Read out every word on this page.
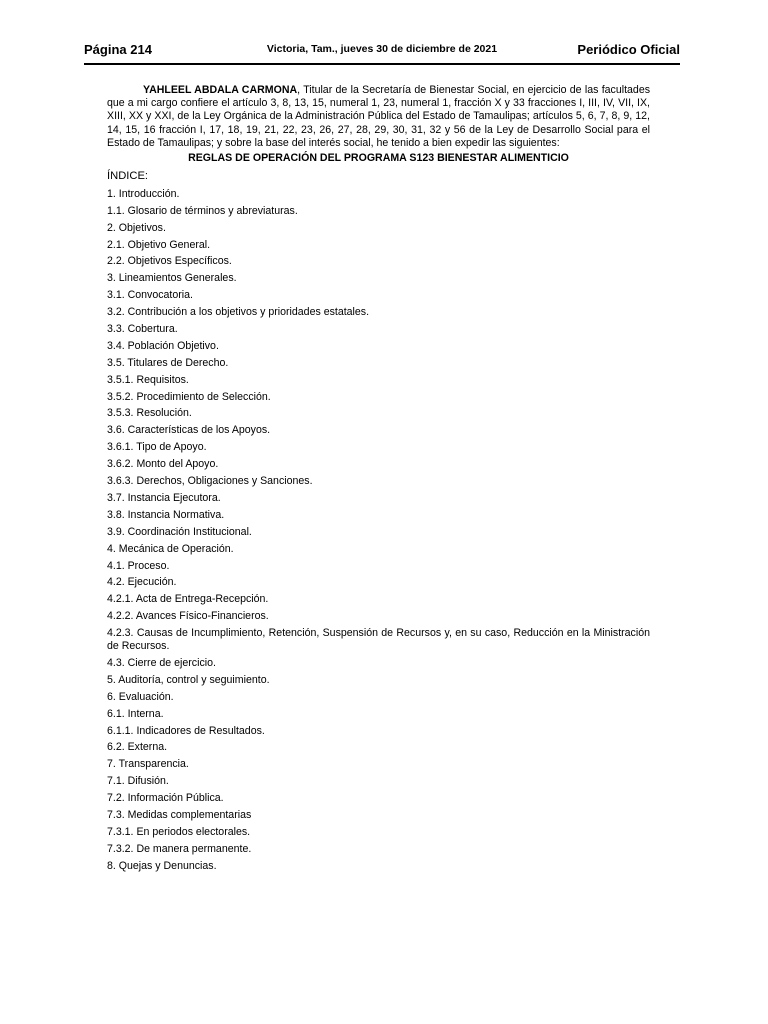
Página 214	Victoria, Tam., jueves 30 de diciembre de 2021	Periódico Oficial

YAHLEEL ABDALA CARMONA, Titular de la Secretaría de Bienestar Social, en ejercicio de las facultades que a mi cargo confiere el artículo 3, 8, 13, 15, numeral 1, 23, numeral 1, fracción X y 33 fracciones I, III, IV, VII, IX, XIII, XX y XXI, de la Ley Orgánica de la Administración Pública del Estado de Tamaulipas; artículos 5, 6, 7, 8, 9, 12, 14, 15, 16 fracción I, 17, 18, 19, 21, 22, 23, 26, 27, 28, 29, 30, 31, 32 y 56 de la Ley de Desarrollo Social para el Estado de Tamaulipas; y sobre la base del interés social, he tenido a bien expedir las siguientes:

REGLAS DE OPERACIÓN DEL PROGRAMA S123 BIENESTAR ALIMENTICIO
ÍNDICE:
1. Introducción.
1.1. Glosario de términos y abreviaturas.
2. Objetivos.
2.1. Objetivo General.
2.2. Objetivos Específicos.
3. Lineamientos Generales.
3.1. Convocatoria.
3.2. Contribución a los objetivos y prioridades estatales.
3.3. Cobertura.
3.4. Población Objetivo.
3.5. Titulares de Derecho.
3.5.1. Requisitos.
3.5.2. Procedimiento de Selección.
3.5.3. Resolución.
3.6. Características de los Apoyos.
3.6.1. Tipo de Apoyo.
3.6.2. Monto del Apoyo.
3.6.3. Derechos, Obligaciones y Sanciones.
3.7. Instancia Ejecutora.
3.8. Instancia Normativa.
3.9. Coordinación Institucional.
4. Mecánica de Operación.
4.1. Proceso.
4.2. Ejecución.
4.2.1. Acta de Entrega-Recepción.
4.2.2. Avances Físico-Financieros.
4.2.3. Causas de Incumplimiento, Retención, Suspensión de Recursos y, en su caso, Reducción en la Ministración de Recursos.
4.3. Cierre de ejercicio.
5. Auditoría, control y seguimiento.
6. Evaluación.
6.1. Interna.
6.1.1. Indicadores de Resultados.
6.2. Externa.
7. Transparencia.
7.1. Difusión.
7.2. Información Pública.
7.3. Medidas complementarias
7.3.1. En periodos electorales.
7.3.2. De manera permanente.
8. Quejas y Denuncias.
